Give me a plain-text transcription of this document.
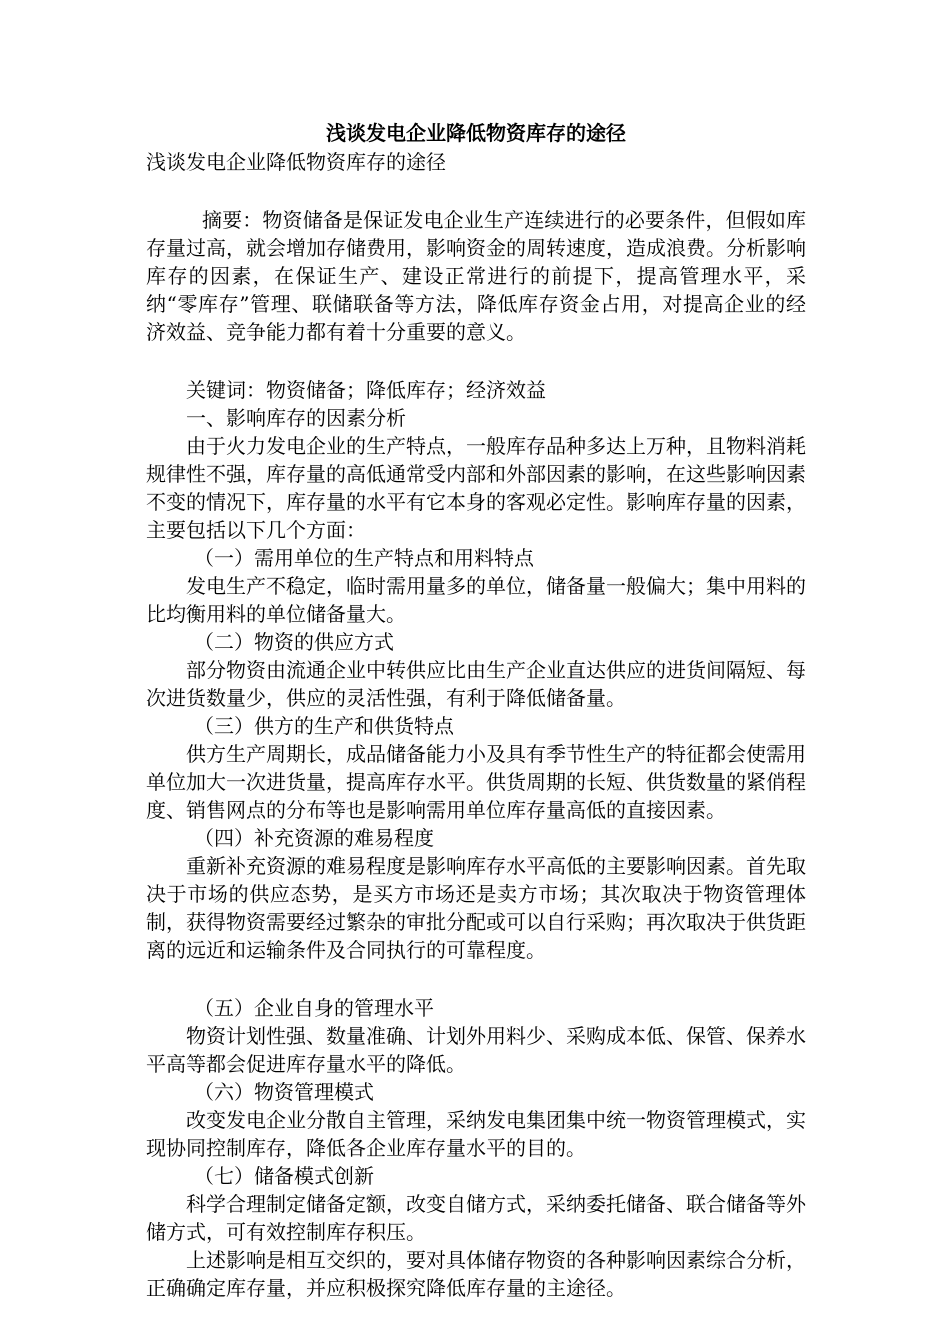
浅谈发电企业降低物资库存的途径
浅谈发电企业降低物资库存的途径

摘要：物资储备是保证发电企业生产连续进行的必要条件，但假如库存量过高，就会增加存储费用，影响资金的周转速度，造成浪费。分析影响库存的因素，在保证生产、建设正常进行的前提下，提高管理水平，采纳“零库存”管理、联储联备等方法，降低库存资金占用，对提高企业的经济效益、竞争能力都有着十分重要的意义。

关键词：物资储备；降低库存；经济效益

一、影响库存的因素分析

由于火力发电企业的生产特点，一般库存品种多达上万种，且物料消耗规律性不强，库存量的高低通常受内部和外部因素的影响，在这些影响因素不变的情况下，库存量的水平有它本身的客观必定性。影响库存量的因素，主要包括以下几个方面：

（一）需用单位的生产特点和用料特点

发电生产不稳定，临时需用量多的单位，储备量一般偏大；集中用料的比均衡用料的单位储备量大。

（二）物资的供应方式

部分物资由流通企业中转供应比由生产企业直达供应的进货间隔短、每次进货数量少，供应的灵活性强，有利于降低储备量。

（三）供方的生产和供货特点

供方生产周期长，成品储备能力小及具有季节性生产的特征都会使需用单位加大一次进货量，提高库存水平。供货周期的长短、供货数量的紧俏程度、销售网点的分布等也是影响需用单位库存量高低的直接因素。

（四）补充资源的难易程度

重新补充资源的难易程度是影响库存水平高低的主要影响因素。首先取决于市场的供应态势，是买方市场还是卖方市场；其次取决于物资管理体制，获得物资需要经过繁杂的审批分配或可以自行采购；再次取决于供货距离的远近和运输条件及合同执行的可靠程度。

（五）企业自身的管理水平

物资计划性强、数量准确、计划外用料少、采购成本低、保管、保养水平高等都会促进库存量水平的降低。

（六）物资管理模式

改变发电企业分散自主管理，采纳发电集团集中统一物资管理模式，实现协同控制库存，降低各企业库存量水平的目的。

（七）储备模式创新

科学合理制定储备定额，改变自储方式，采纳委托储备、联合储备等外储方式，可有效控制库存积压。

上述影响是相互交织的，要对具体储存物资的各种影响因素综合分析，正确确定库存量，并应积极探究降低库存量的主途径。
